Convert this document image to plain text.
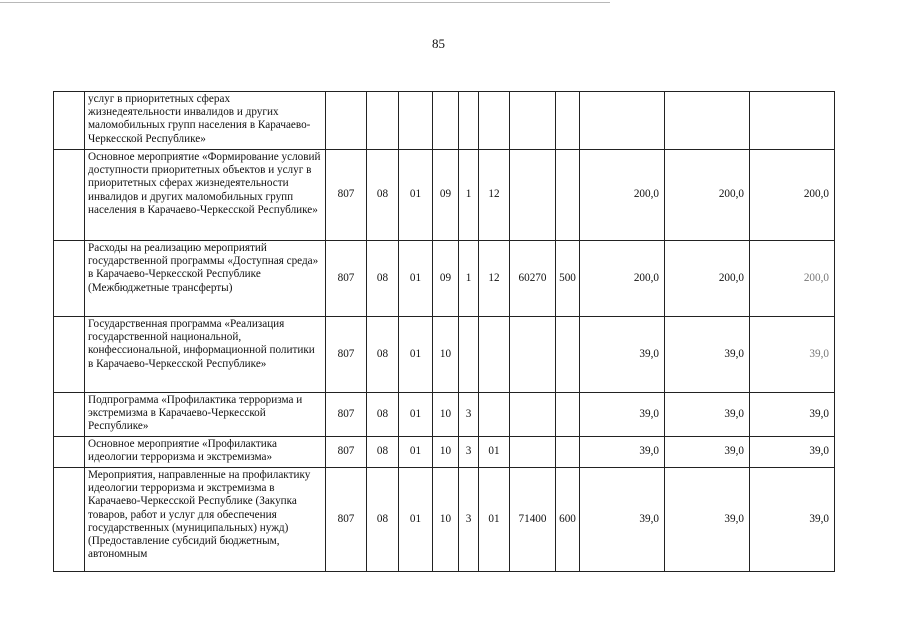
85
	услуг в приоритетных сферах жизнедеятельности инвалидов и других маломобильных групп населения в Карачаево-Черкесской Республике»											
	Основное мероприятие «Формирование условий доступности приоритетных объектов и услуг в приоритетных сферах жизнедеятельности инвалидов и других маломобильных групп населения в Карачаево-Черкесской Республике»	807	08	01	09	1	12			200,0	200,0	200,0
	Расходы на реализацию мероприятий государственной программы «Доступная среда» в Карачаево-Черкесской Республике (Межбюджетные трансферты)	807	08	01	09	1	12	60270	500	200,0	200,0	200,0
	Государственная программа «Реализация государственной национальной, конфессиональной, информационной политики в Карачаево-Черкесской Республике»	807	08	01	10					39,0	39,0	39,0
	Подпрограмма «Профилактика терроризма и экстремизма в Карачаево-Черкесской Республике»	807	08	01	10	3				39,0	39,0	39,0
	Основное мероприятие «Профилактика идеологии терроризма и экстремизма»	807	08	01	10	3	01			39,0	39,0	39,0
	Мероприятия, направленные на профилактику идеологии терроризма и экстремизма в Карачаево-Черкесской Республике (Закупка товаров, работ и услуг для обеспечения государственных (муниципальных) нужд) (Предоставление субсидий бюджетным, автономным	807	08	01	10	3	01	71400	600	39,0	39,0	39,0
